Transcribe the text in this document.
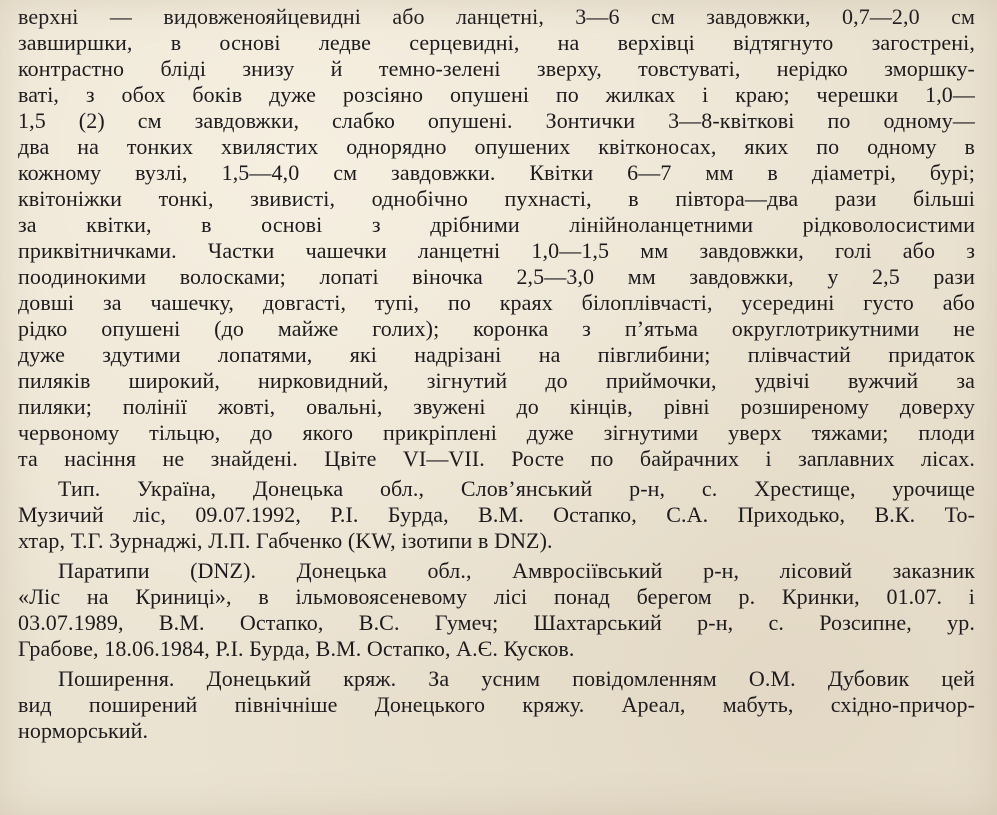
верхні — видовженояйцевидні або ланцетні, 3—6 см завдовжки, 0,7—2,0 см
завширшки, в основі ледве серцевидні, на верхівці відтягнуто загострені,
контрастно блідi знизу й темно-зелені зверху, товстуваті, нерідко зморшку-
ваті, з обох боків дуже розсіяно опушені по жилках і краю; черешки 1,0—
1,5 (2) см завдовжки, слабко опушені. Зонтички 3—8-квіткові по одному—
два на тонких хвилястих однорядно опушених квітконосах, яких по одному в
кожному вузлі, 1,5—4,0 см завдовжки. Квітки 6—7 мм в діаметрі, бурі;
квітоніжки тонкі, звивисті, однобічно пухнасті, в півтора—два рази більші
за квітки, в основі з дрібними лінійноланцетними рідковолосистими
приквітничками. Частки чашечки ланцетні 1,0—1,5 мм завдовжки, голі або з
поодинокими волосками; лопаті віночка 2,5—3,0 мм завдовжки, у 2,5 рази
довші за чашечку, довгасті, тупі, по краях білоплівчасті, усередині густо або
рідко опушені (до майже голих); коронка з п’ятьма округлотрикутними не
дуже здутими лопатями, які надрізані на півглибини; плівчастий придаток
пиляків широкий, нирковидний, зігнутий до приймочки, удвічі вужчий за
пиляки; полінії жовті, овальні, звужені до кінців, рівні розширеному доверху
червоному тільцю, до якого прикріплені дуже зігнутими уверх тяжами; плоди
та насіння не знайдені. Цвіте VI—VII. Росте по байрачних і заплавних лісах.
Тип. Україна, Донецька обл., Слов’янський р-н, с. Хрестище, урочище
Музичий ліс, 09.07.1992, Р.І. Бурда, В.М. Остапко, С.А. Приходько, В.К. То-
хтар, Т.Г. Зурнаджі, Л.П. Габченко (KW, ізотипи в DNZ).
Паратипи (DNZ). Донецька обл., Амвросіївський р-н, лісовий заказник
«Ліс на Криниці», в ільмовоясеневому лісі понад берегом р. Кринки, 01.07. і
03.07.1989, В.М. Остапко, В.С. Гумеч; Шахтарський р-н, с. Розсипне, ур.
Грабове, 18.06.1984, Р.І. Бурда, В.М. Остапко, А.Є. Кусков.
Поширення. Донецький кряж. За усним повідомленням О.М. Дубовик цей
вид поширений північніше Донецького кряжу. Ареал, мабуть, східно-причор-
норморський.
